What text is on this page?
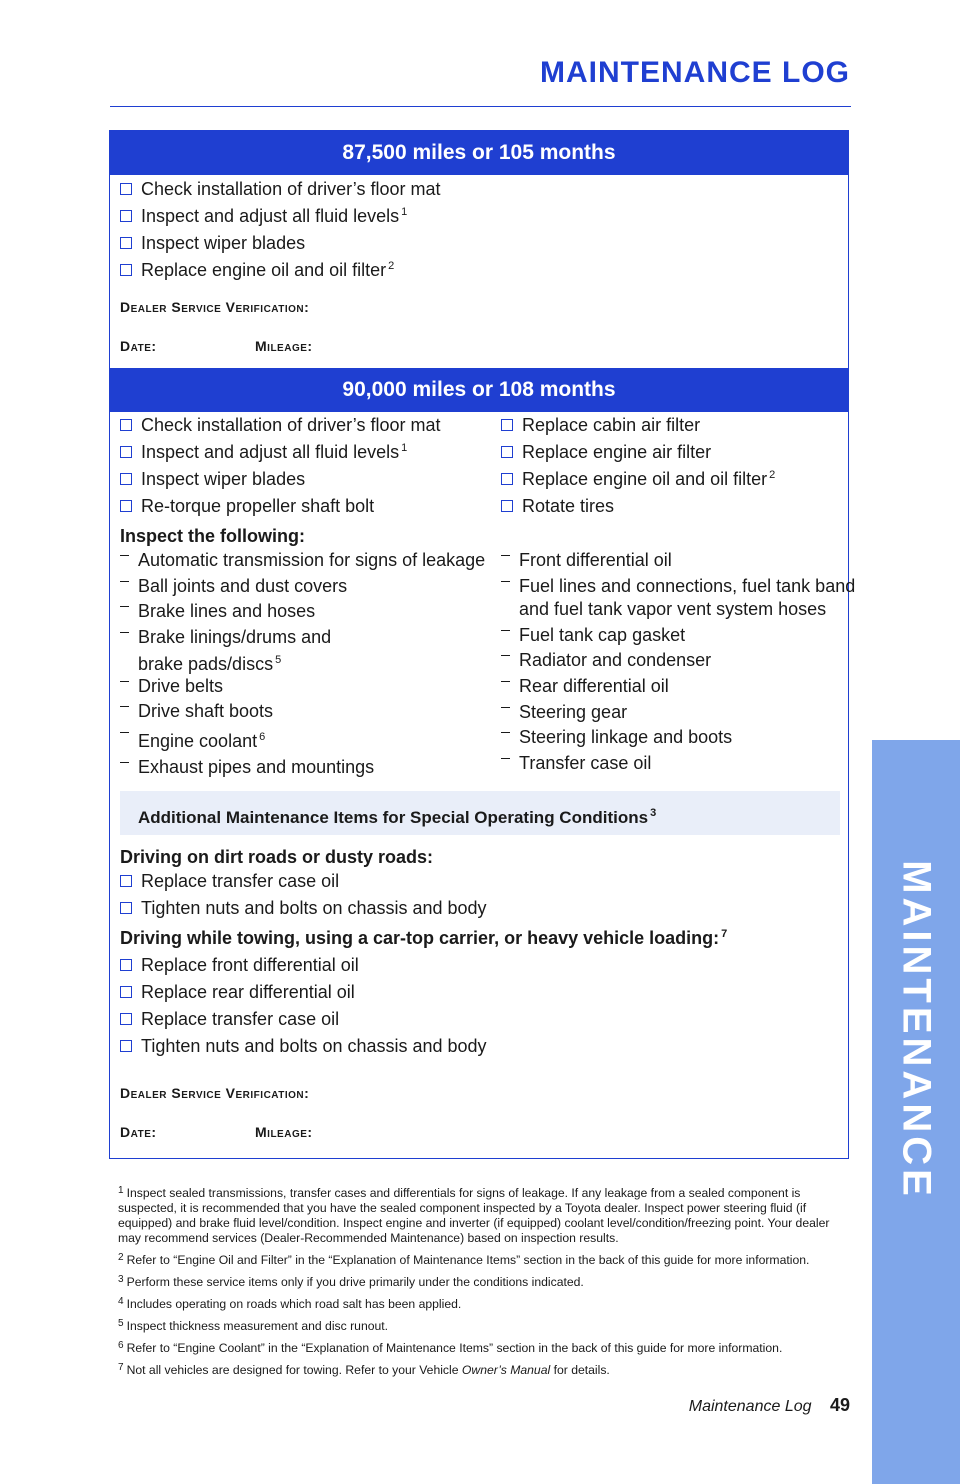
MAINTENANCE LOG
MAINTENANCE
87,500 miles or 105 months
Check installation of driver’s floor mat
Inspect and adjust all fluid levels $^1$
Inspect wiper blades
Replace engine oil and oil filter $^2$
Dealer Service Verification:
Date:	Mileage:
90,000 miles or 108 months
Check installation of driver’s floor mat
Inspect and adjust all fluid levels $^1$
Inspect wiper blades
Re-torque propeller shaft bolt
Replace cabin air filter
Replace engine air filter
Replace engine oil and oil filter $^2$
Rotate tires
Inspect the following:
Automatic transmission for signs of leakage
Ball joints and dust covers
Brake lines and hoses
Brake linings/drums and
brake pads/discs $^5$
Drive belts
Drive shaft boots
Engine coolant $^6$
Exhaust pipes and mountings
Front differential oil
Fuel lines and connections, fuel tank band
and fuel tank vapor vent system hoses
Fuel tank cap gasket
Radiator and condenser
Rear differential oil
Steering gear
Steering linkage and boots
Transfer case oil
Additional Maintenance Items for Special Operating Conditions $^3$
Driving on dirt roads or dusty roads:
Replace transfer case oil
Tighten nuts and bolts on chassis and body
Driving while towing, using a car-top carrier, or heavy vehicle loading: $^7$
Replace front differential oil
Replace rear differential oil
Replace transfer case oil
Tighten nuts and bolts on chassis and body
Dealer Service Verification:
Date:	Mileage:

$^1$ Inspect sealed transmissions, transfer cases and differentials for signs of leakage. If any leakage from a sealed component is suspected, it is recommended that you have the sealed component inspected by a Toyota dealer. Inspect power steering fluid (if equipped) and brake fluid level/condition. Inspect engine and inverter (if equipped) coolant level/condition/freezing point. Your dealer may recommend services (Dealer-Recommended Maintenance) based on inspection results.

$^2$ Refer to “Engine Oil and Filter” in the “Explanation of Maintenance Items” section in the back of this guide for more information.

$^3$ Perform these service items only if you drive primarily under the conditions indicated.

$^4$ Includes operating on roads which road salt has been applied.

$^5$ Inspect thickness measurement and disc runout.

$^6$ Refer to “Engine Coolant” in the “Explanation of Maintenance Items” section in the back of this guide for more information.

$^7$ Not all vehicles are designed for towing. Refer to your Vehicle Owner’s Manual for details.

Maintenance Log 49
